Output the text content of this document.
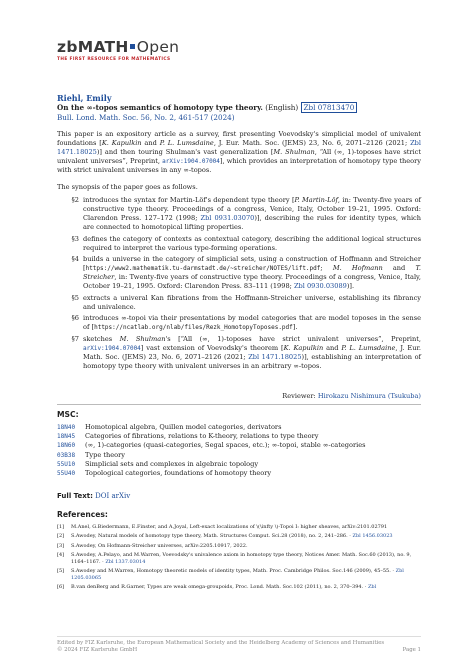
zbMATH Open
THE FIRST RESOURCE FOR MATHEMATICS
Riehl, Emily
On the ∞-topos semantics of homotopy type theory. (English) Zbl 07813470
Bull. Lond. Math. Soc. 56, No. 2, 461-517 (2024)
This paper is an expository article as a survey, first presenting Voevodsky's simplicial model of univalent foundations [K. Kapulkin and P. L. Lumsdaine, J. Eur. Math. Soc. (JEMS) 23, No. 6, 2071–2126 (2021; Zbl 1471.18025)] and then touring Shulman's vast generalization [M. Shulman, “All (∞, 1)-toposes have strict univalent universes”, Preprint, arXiv:1904.07004], which provides an interpretation of homotopy type theory with strict univalent universes in any ∞-topos.
The synopsis of the paper goes as follows.
§2 introduces the syntax for Martin-Löf's dependent type theory [P. Martin-Löf, in: Twenty-five years of constructive type theory. Proceedings of a congress, Venice, Italy, October 19–21, 1995. Oxford: Clarendon Press. 127–172 (1998; Zbl 0931.03070)], describing the rules for identity types, which are connected to homotopical lifting properties.
§3 defines the category of contexts as contextual category, describing the additional logical structures required to interpret the various type-forming operations.
§4 builds a universe in the category of simplicial sets, using a construction of Hoffmann and Streicher [https://www2.mathematik.tu-darmstadt.de/~streicher/NOTES/lift.pdf; M. Hofmann and T. Streicher, in: Twenty-five years of constructive type theory. Proceedings of a congress, Venice, Italy, October 19–21, 1995. Oxford: Clarendon Press. 83–111 (1998; Zbl 0930.03089)].
§5 extracts a univeral Kan fibrations from the Hoffmann-Streicher universe, establishing its fibrancy and univalence.
§6 introduces ∞-topoi via their presentations by model categories that are model toposes in the sense of [https://ncatlab.org/nlab/files/Rezk_HomotopyToposes.pdf].
§7 sketches M. Shulman's [“All (∞, 1)-toposes have strict univalent universes”, Preprint, arXiv:1904.07004] vast extension of Voevodsky's theorem [K. Kapulkin and P. L. Lumsdaine, J. Eur. Math. Soc. (JEMS) 23, No. 6, 2071–2126 (2021; Zbl 1471.18025)], establishing an interpretation of homotopy type theory with univalent universes in an arbitrary ∞-topos.
Reviewer: Hirokazu Nishimura (Tsukuba)
MSC:
18N40	Homotopical algebra, Quillen model categories, derivators
18N45	Categories of fibrations, relations to K-theory, relations to type theory
18N60	(∞, 1)-categories (quasi-categories, Segal spaces, etc.); ∞-topoi, stable ∞-categories
03B38	Type theory
55U10	Simplicial sets and complexes in algebraic topology
55U40	Topological categories, foundations of homotopy theory
Full Text: DOI arXiv
References:
[1]	M.Anel, G.Biedermann, E.Finster, and A.Joyal, Left-exact localizations of \(\infty \)-Topoi I: higher sheaves, arXiv:2101.02791
[2]	S.Awodey, Natural models of homotopy type theory, Math. Structures Comput. Sci.28 (2018), no. 2, 241–286. · Zbl 1456.03023
[3]	S.Awodey, On Hofmann-Streicher universes, arXiv:2205.10917, 2022.
[4]	S.Awodey, A.Pelayo, and M.Warren, Voevodsky's univalence axiom in homotopy type theory, Notices Amer. Math. Soc.60 (2013), no. 9, 1164–1167. · Zbl 1337.03014
[5]	S.Awodey and M.Warren, Homotopy theoretic models of identity types, Math. Proc. Cambridge Philos. Soc.146 (2009), 45–55. · Zbl 1205.03065
[6]	B.van denBerg and R.Garner, Types are weak omega-groupoids, Proc. Lond. Math. Soc.102 (2011), no. 2, 370–394. · Zbl
Edited by FIZ Karlsruhe, the European Mathematical Society and the Heidelberg Academy of Sciences and Humanities
© 2024 FIZ Karlsruhe GmbH	Page 1
